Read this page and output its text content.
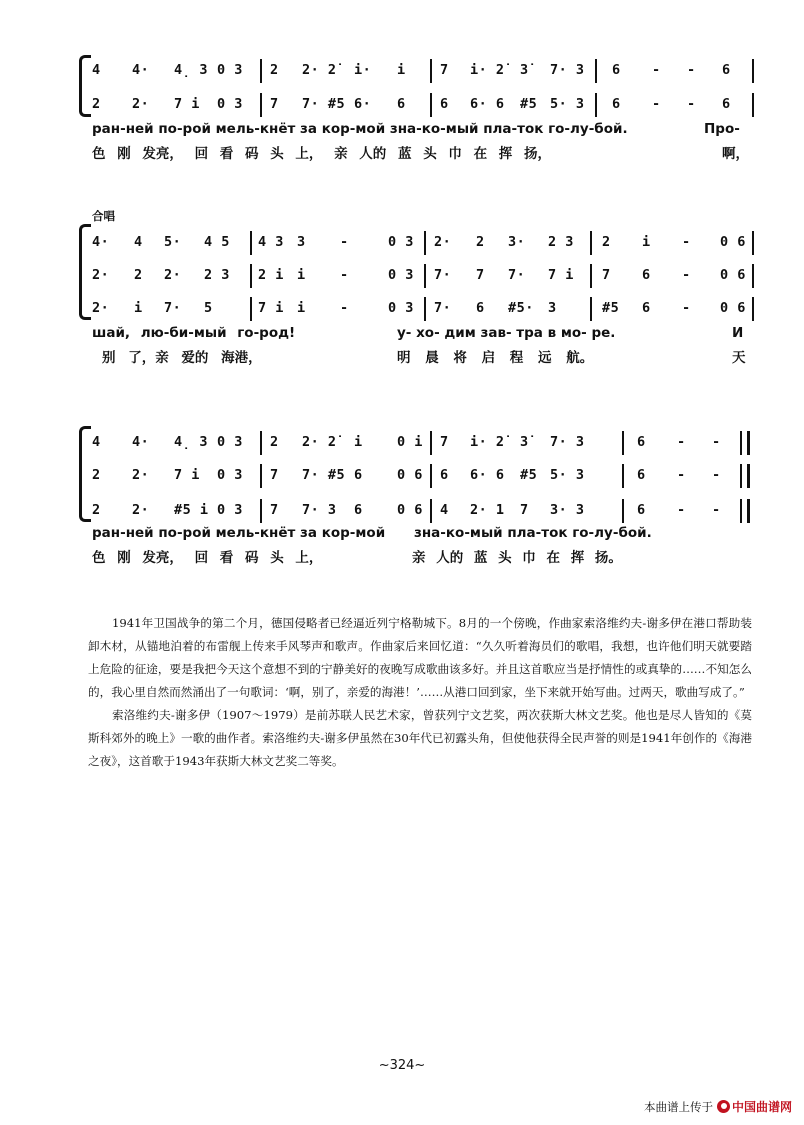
4 4· 4̣ 3 0 3 2 2· 2̇ i· i	7 i· 2̇ 3̇ 7· 3 6 - - 6
2 2· 7 i 0 3 7 7· #5 6· 6	6 6· 6 #5 5· 3 6 - - 6
ран-ней по-рой мель-кнёт за кор-мой зна-ко-мый пла-ток го-лу-бой.	Про-
色 刚 发亮， 回 看 码 头 上， 亲 人的 蓝 头 巾 在 挥 扬，	啊，
合唱
4· 4 5· 4 5 4 3 3	-	0 3 2· 2 3· 2 3 2 i - 0 6
2· 2 2· 2 3 2 i i	-	0 3 7· 7 7· 7 i 7 6 - 0 6
2· i 7· 5	7 i i	-	0 3 7· 6 #5· 3	#5 6 - 0 6
шай, лю-би-мый го-род!	у- хо- дим зав- тра в мо- ре.	И
别 了，亲 爱的 海港，	明 晨 将 启 程 远 航。	天
4 4· 4̣ 3 0 3 2 2· 2̇ i	0 i 7 i· 2̇ 3̇ 7· 3	6 - -
2 2· 7 i 0 3 7 7· #5 6	0 6 6 6· 6 #5 5· 3	6 - -
2 2· #5 i 0 3 7 7· 3 6	0 6 4 2· 1 7 3· 3	6 - -
ран-ней по-рой мель-кнёт за кор-мой зна-ко-мый пла-ток го-лу-бой.
色 刚 发亮， 回 看 码 头 上，	亲 人的 蓝 头 巾 在 挥 扬。

1941年卫国战争的第二个月，德国侵略者已经逼近列宁格勒城下。8月的一个傍晚，作曲家索洛维约夫-谢多伊在港口帮助装卸木材，从锚地泊着的布雷舰上传来手风琴声和歌声。作曲家后来回忆道：“久久听着海员们的歌唱，我想，也许他们明天就要踏上危险的征途，要是我把今天这个意想不到的宁静美好的夜晚写成歌曲该多好。并且这首歌应当是抒情性的或真挚的……不知怎么的，我心里自然而然涌出了一句歌词：‘啊，别了，亲爱的海港！’……从港口回到家，坐下来就开始写曲。过两天，歌曲写成了。”

索洛维约夫-谢多伊（1907～1979）是前苏联人民艺术家，曾获列宁文艺奖，两次获斯大林文艺奖。他也是尽人皆知的《莫斯科郊外的晚上》一歌的曲作者。索洛维约夫-谢多伊虽然在30年代已初露头角，但使他获得全民声誉的则是1941年创作的《海港之夜》，这首歌于1943年获斯大林文艺奖二等奖。

~324~
本曲谱上传于 中国曲谱网
